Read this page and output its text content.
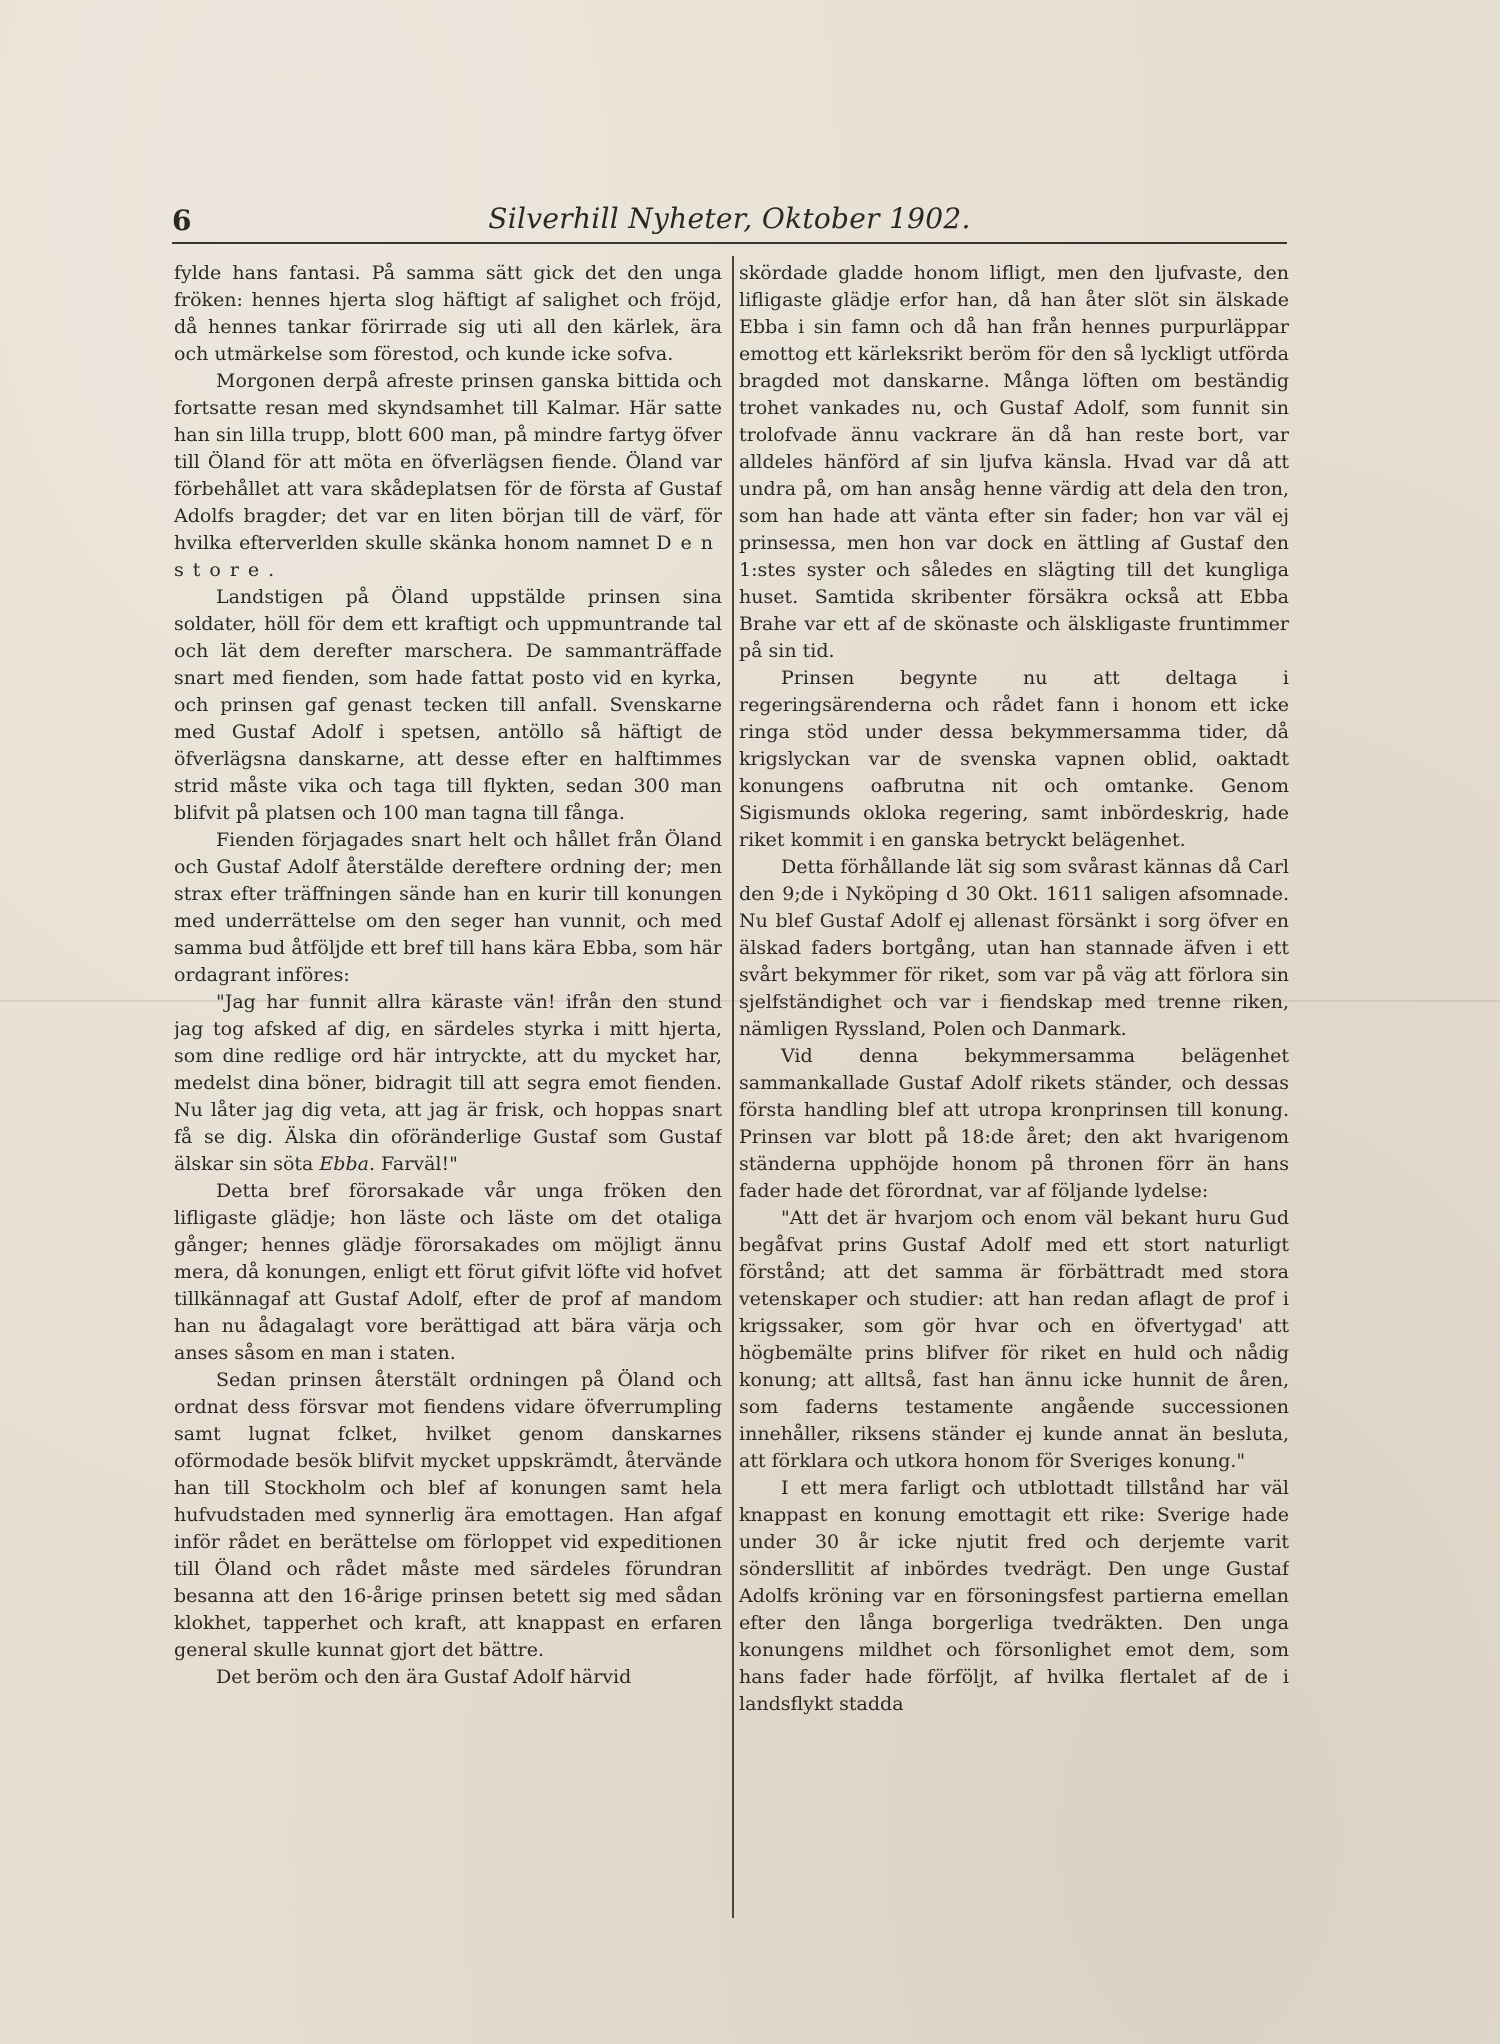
6	Silverhill Nyheter, Oktober 1902.

fylde hans fantasi. På samma sätt gick det den unga fröken: hennes hjerta slog häftigt af salighet och fröjd, då hennes tankar förirrade sig uti all den kärlek, ära och utmärkelse som förestod, och kunde icke sofva.

Morgonen derpå afreste prinsen ganska bittida och fortsatte resan med skyndsamhet till Kalmar. Här satte han sin lilla trupp, blott 600 man, på mindre fartyg öfver till Öland för att möta en öfverlägsen fiende. Öland var förbehållet att vara skådeplatsen för de första af Gustaf Adolfs bragder; det var en liten början till de värf, för hvilka efterverlden skulle skänka honom namnet Den store.

Landstigen på Öland uppstälde prinsen sina soldater, höll för dem ett kraftigt och uppmuntrande tal och lät dem derefter marschera. De sammanträffade snart med fienden, som hade fattat posto vid en kyrka, och prinsen gaf genast tecken till anfall. Svenskarne med Gustaf Adolf i spetsen, antöllo så häftigt de öfverlägsna danskarne, att desse efter en halftimmes strid måste vika och taga till flykten, sedan 300 man blifvit på platsen och 100 man tagna till fånga.

Fienden förjagades snart helt och hållet från Öland och Gustaf Adolf återstälde dereftere ordning der; men strax efter träffningen sände han en kurir till konungen med underrättelse om den seger han vunnit, och med samma bud åtföljde ett bref till hans kära Ebba, som här ordagrant införes:

"Jag har funnit allra käraste vän! ifrån den stund jag tog afsked af dig, en särdeles styrka i mitt hjerta, som dine redlige ord här intryckte, att du mycket har, medelst dina böner, bidragit till att segra emot fienden. Nu låter jag dig veta, att jag är frisk, och hoppas snart få se dig. Älska din oföränderlige Gustaf som Gustaf älskar sin söta Ebba. Farväl!"

Detta bref förorsakade vår unga fröken den lifligaste glädje; hon läste och läste om det otaliga gånger; hennes glädje förorsakades om möjligt ännu mera, då konungen, enligt ett förut gifvit löfte vid hofvet tillkännagaf att Gustaf Adolf, efter de prof af mandom han nu ådagalagt vore berättigad att bära värja och anses såsom en man i staten.

Sedan prinsen återstält ordningen på Öland och ordnat dess försvar mot fiendens vidare öfverrumpling samt lugnat fclket, hvilket genom danskarnes oförmodade besök blifvit mycket uppskrämdt, återvände han till Stockholm och blef af konungen samt hela hufvudstaden med synnerlig ära emottagen. Han afgaf inför rådet en berättelse om förloppet vid expeditionen till Öland och rådet måste med särdeles förundran besanna att den 16-årige prinsen betett sig med sådan klokhet, tapperhet och kraft, att knappast en erfaren general skulle kunnat gjort det bättre.

Det beröm och den ära Gustaf Adolf härvid

skördade gladde honom lifligt, men den ljufvaste, den lifligaste glädje erfor han, då han åter slöt sin älskade Ebba i sin famn och då han från hennes purpurläppar emottog ett kärleksrikt beröm för den så lyckligt utförda bragded mot danskarne. Många löften om beständig trohet vankades nu, och Gustaf Adolf, som funnit sin trolofvade ännu vackrare än då han reste bort, var alldeles hänförd af sin ljufva känsla. Hvad var då att undra på, om han ansåg henne värdig att dela den tron, som han hade att vänta efter sin fader; hon var väl ej prinsessa, men hon var dock en ättling af Gustaf den 1:stes syster och således en slägting till det kungliga huset. Samtida skribenter försäkra också att Ebba Brahe var ett af de skönaste och älskligaste fruntimmer på sin tid.

Prinsen begynte nu att deltaga i regeringsärenderna och rådet fann i honom ett icke ringa stöd under dessa bekymmersamma tider, då krigslyckan var de svenska vapnen oblid, oaktadt konungens oafbrutna nit och omtanke. Genom Sigismunds okloka regering, samt inbördeskrig, hade riket kommit i en ganska betryckt belägenhet.

Detta förhållande lät sig som svårast kännas då Carl den 9;de i Nyköping d 30 Okt. 1611 saligen afsomnade. Nu blef Gustaf Adolf ej allenast försänkt i sorg öfver en älskad faders bortgång, utan han stannade äfven i ett svårt bekymmer för riket, som var på väg att förlora sin sjelfständighet och var i fiendskap med trenne riken, nämligen Ryssland, Polen och Danmark.

Vid denna bekymmersamma belägenhet sammankallade Gustaf Adolf rikets ständer, och dessas första handling blef att utropa kronprinsen till konung. Prinsen var blott på 18:de året; den akt hvarigenom ständerna upphöjde honom på thronen förr än hans fader hade det förordnat, var af följande lydelse:

"Att det är hvarjom och enom väl bekant huru Gud begåfvat prins Gustaf Adolf med ett stort naturligt förstånd; att det samma är förbättradt med stora vetenskaper och studier: att han redan aflagt de prof i krigssaker, som gör hvar och en öfvertygad' att högbemälte prins blifver för riket en huld och nådig konung; att alltså, fast han ännu icke hunnit de åren, som faderns testamente angående successionen innehåller, riksens ständer ej kunde annat än besluta, att förklara och utkora honom för Sveriges konung."

I ett mera farligt och utblottadt tillstånd har väl knappast en konung emottagit ett rike: Sverige hade under 30 år icke njutit fred och derjemte varit söndersllitit af inbördes tvedrägt. Den unge Gustaf Adolfs kröning var en försoningsfest partierna emellan efter den långa borgerliga tvedräkten. Den unga konungens mildhet och försonlighet emot dem, som hans fader hade förföljt, af hvilka flertalet af de i landsflykt stadda
